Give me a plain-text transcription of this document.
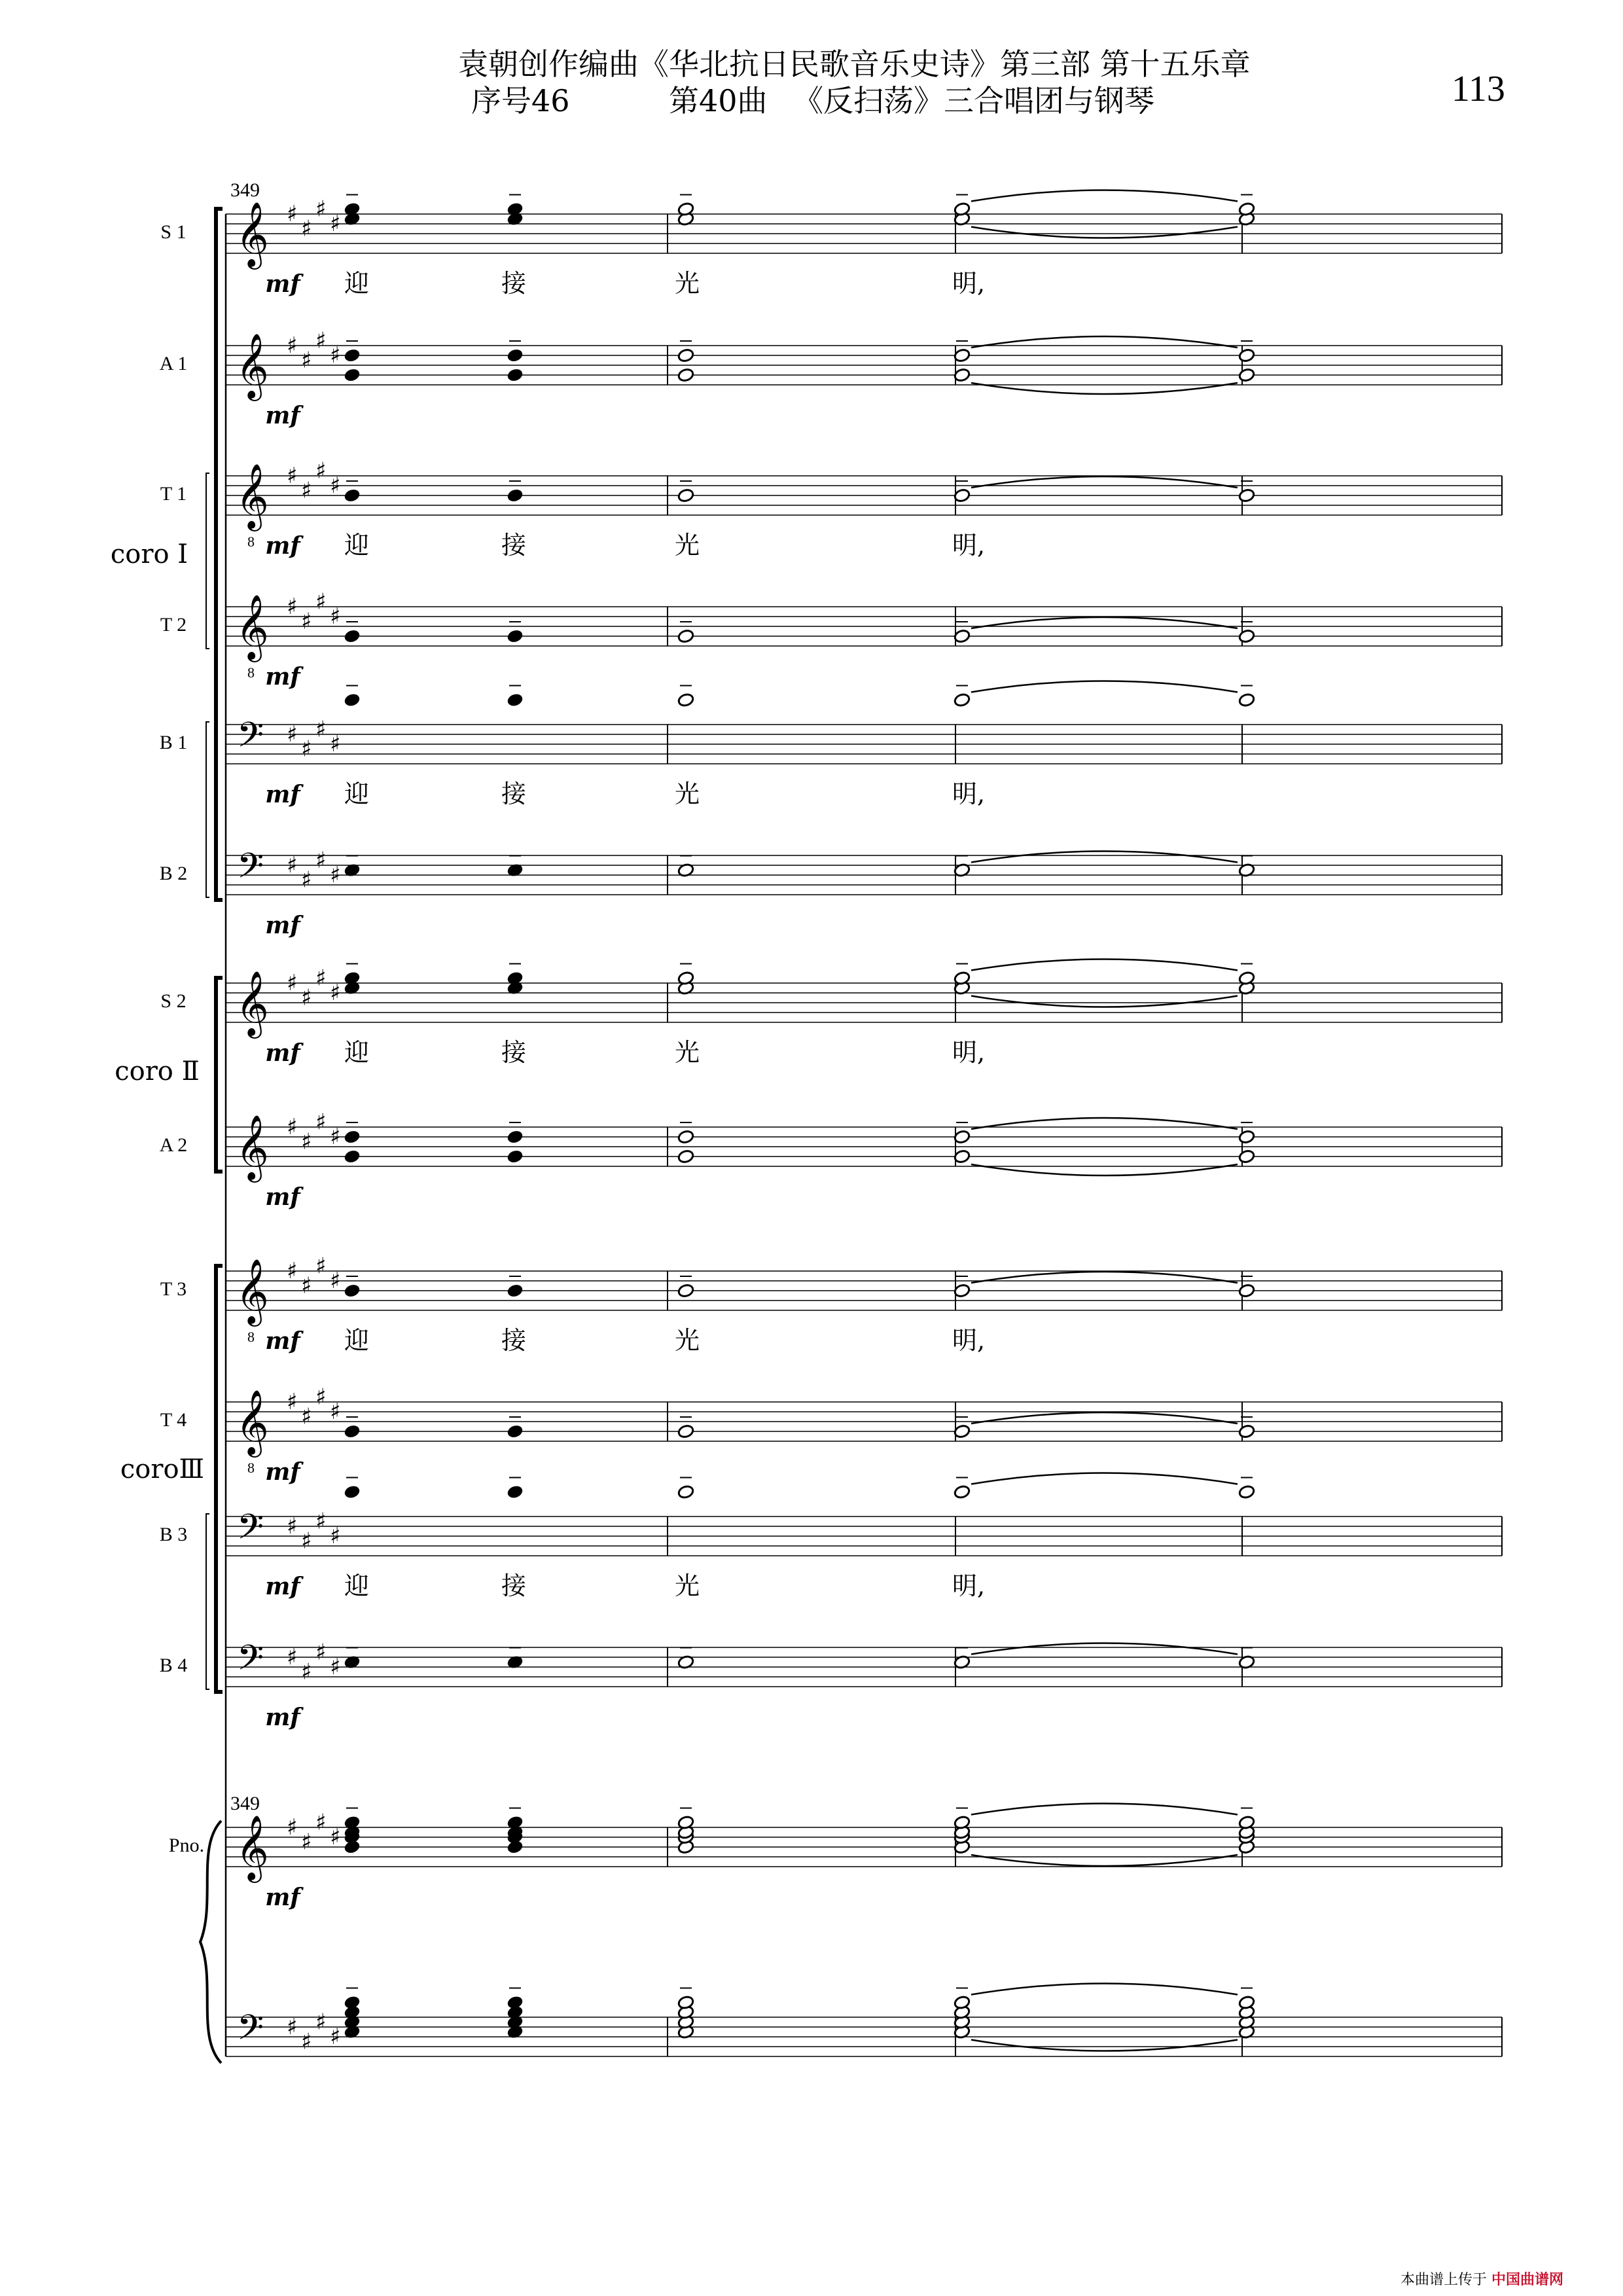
袁朝创作编曲《华北抗日民歌音乐史诗》第三部 第十五乐章
序号46	第40曲 《反扫荡》三合唱团与钢琴	113
𝄞 ♯
♯
♯
♯
S 1
mf 迎	接	光	明,
𝄞 ♯
♯
♯
♯
A 1
mf
𝄞
8
♯
♯
♯
♯
T 1
mf 迎	接	光	明,
𝄞
8
♯
♯
♯
♯
T 2
mf
𝄢 ♯
♯
♯
♯
B 1
mf 迎	接	光	明,
𝄢 ♯
♯
♯
♯
B 2
mf
𝄞 ♯
♯
♯
♯
S 2
mf 迎	接	光	明,
𝄞 ♯
♯
♯
♯
A 2
mf
𝄞
8
♯
♯
♯
♯
T 3
mf 迎	接	光	明,
𝄞
8
♯
♯
♯
♯
T 4
mf
𝄢 ♯
♯
♯
♯
B 3
mf 迎	接	光	明,
𝄢 ♯
♯
♯
♯
B 4
mf
𝄞 ♯
♯
♯
♯
Pno.
mf
𝄢 ♯
♯
♯
♯
349
349
coro Ⅰ
coro Ⅱ
coroⅢ
本曲谱上传于 中国曲谱网
